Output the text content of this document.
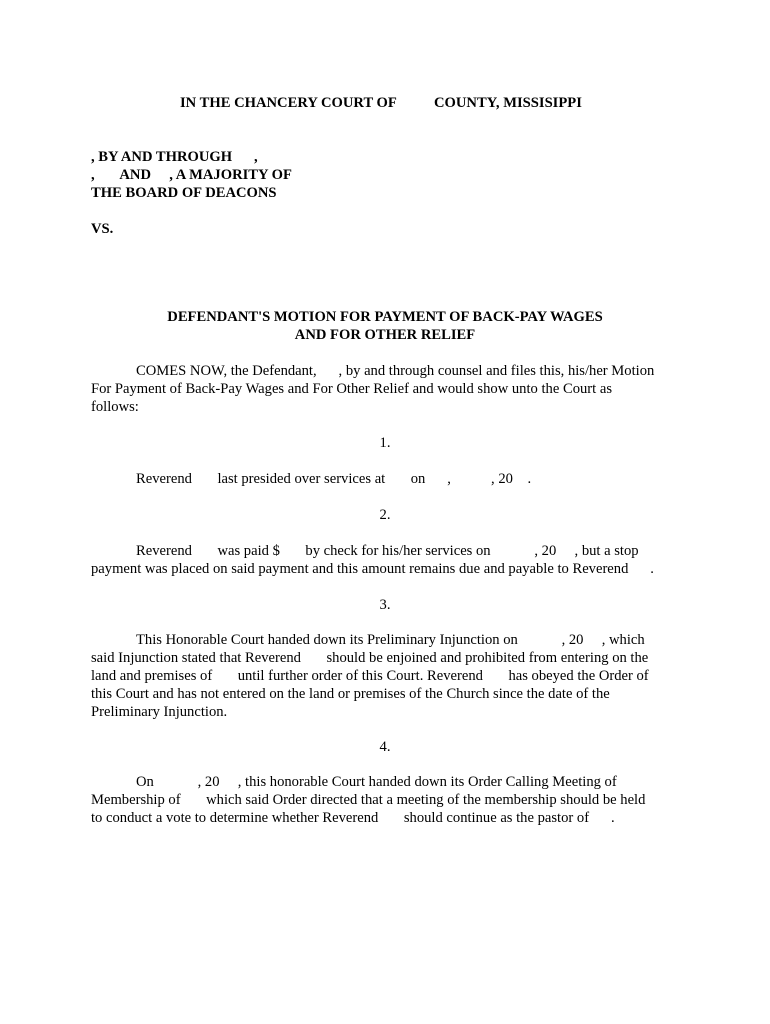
IN THE CHANCERY COURT OF	COUNTY, MISSISIPPI
, BY AND THROUGH      ,
,       AND     , A MAJORITY OF
THE BOARD OF DEACONS
VS.
DEFENDANT'S MOTION FOR PAYMENT OF BACK-PAY WAGES
AND FOR OTHER RELIEF
COMES NOW, the Defendant,      , by and through counsel and files this, his/her Motion
For Payment of Back-Pay Wages and For Other Relief and would show unto the Court as
follows:
1.
Reverend       last presided over services at       on      ,           , 20    .
2.
Reverend       was paid $       by check for his/her services on            , 20     , but a stop
payment was placed on said payment and this amount remains due and payable to Reverend      .
3.
This Honorable Court handed down its Preliminary Injunction on            , 20     , which
said Injunction stated that Reverend       should be enjoined and prohibited from entering on the
land and premises of       until further order of this Court. Reverend       has obeyed the Order of
this Court and has not entered on the land or premises of the Church since the date of the
Preliminary Injunction.
4.
On            , 20     , this honorable Court handed down its Order Calling Meeting of
Membership of       which said Order directed that a meeting of the membership should be held
to conduct a vote to determine whether Reverend       should continue as the pastor of      .
